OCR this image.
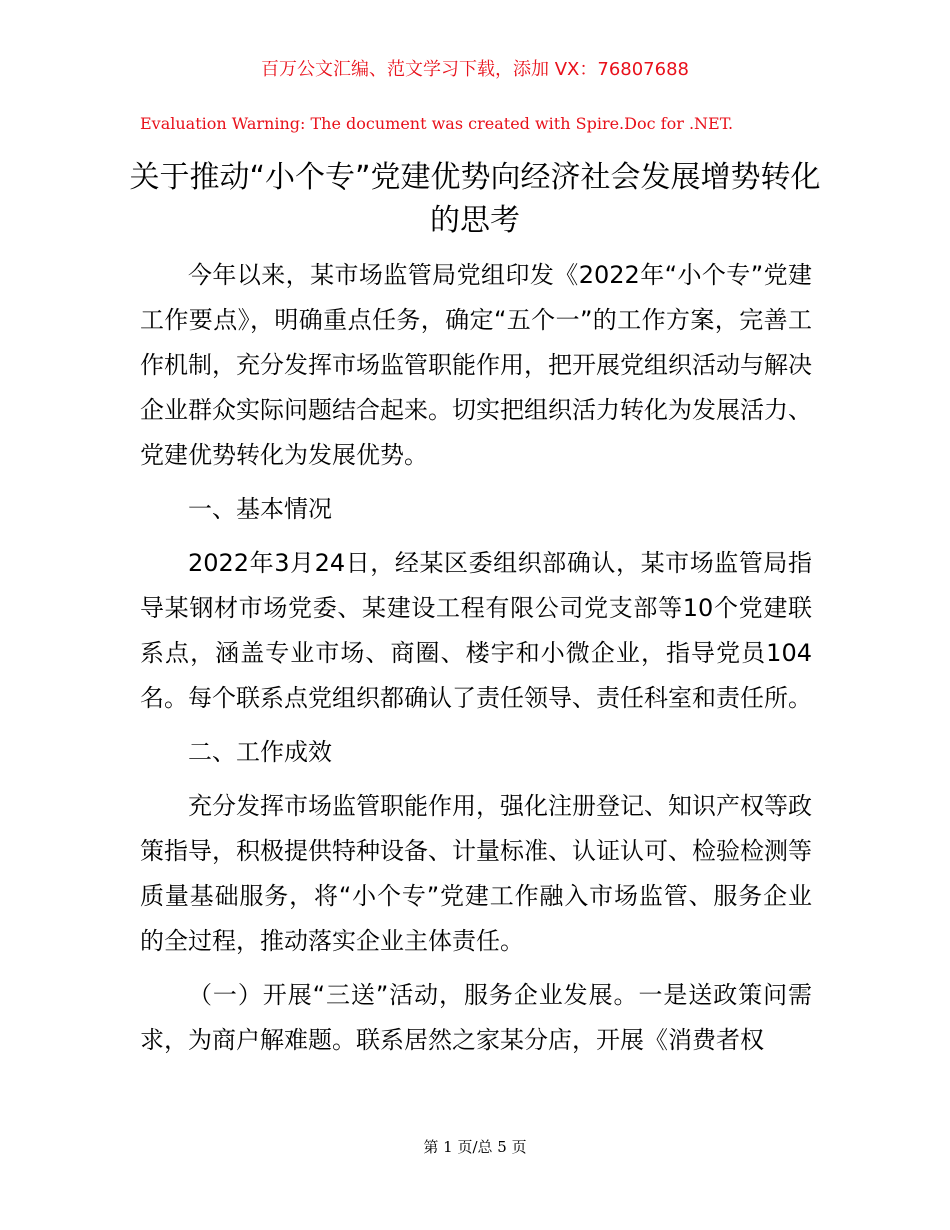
百万公文汇编、范文学习下载，添加 VX：76807688
Evaluation Warning: The document was created with Spire.Doc for .NET.
关于推动“小个专”党建优势向经济社会发展增势转化的思考

今年以来，某市场监管局党组印发《2022年“小个专”党建工作要点》，明确重点任务，确定“五个一”的工作方案，完善工作机制，充分发挥市场监管职能作用，把开展党组织活动与解决企业群众实际问题结合起来。切实把组织活力转化为发展活力、党建优势转化为发展优势。

一、基本情况

2022年3月24日，经某区委组织部确认，某市场监管局指导某钢材市场党委、某建设工程有限公司党支部等10个党建联系点，涵盖专业市场、商圈、楼宇和小微企业，指导党员104名。每个联系点党组织都确认了责任领导、责任科室和责任所。

二、工作成效

充分发挥市场监管职能作用，强化注册登记、知识产权等政策指导，积极提供特种设备、计量标准、认证认可、检验检测等质量基础服务，将“小个专”党建工作融入市场监管、服务企业的全过程，推动落实企业主体责任。

（一）开展“三送”活动，服务企业发展。一是送政策问需求，为商户解难题。联系居然之家某分店，开展《消费者权

第 1 页/总 5 页
